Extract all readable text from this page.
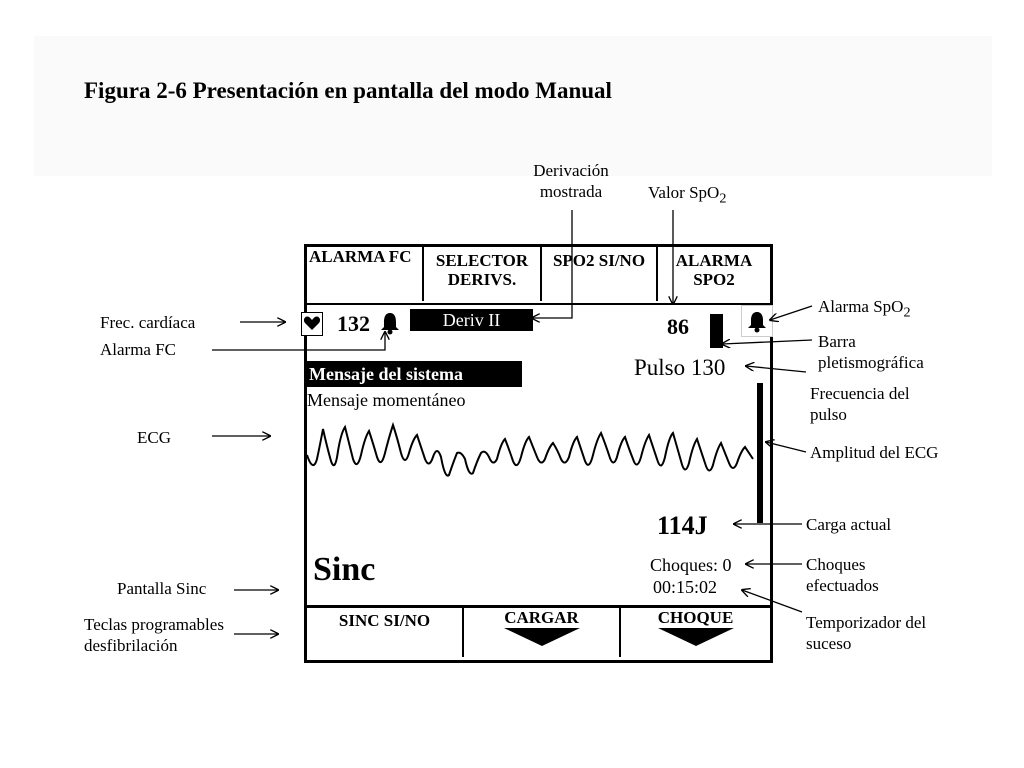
Figura 2-6 Presentación en pantalla del modo Manual
Derivación mostrada	Valor SpO$_2$
Alarma SpO$_2$
Barra pletismográfica
Frecuencia del pulso
Amplitud del ECG
Carga actual
Choques efectuados
Temporizador del suceso
Frec. cardíaca
Alarma FC
ECG
Pantalla Sinc
Teclas programables desfibrilación
ALARMA FC	SELECTOR DERIVS.
SPO2 SI/NO	ALARMA SPO2
132	Deriv II	86
Mensaje del sistema	Pulso 130
Mensaje momentáneo
114J
Sinc	Choques: 0
00:15:02
SINC SI/NO	CARGAR	CHOQUE
